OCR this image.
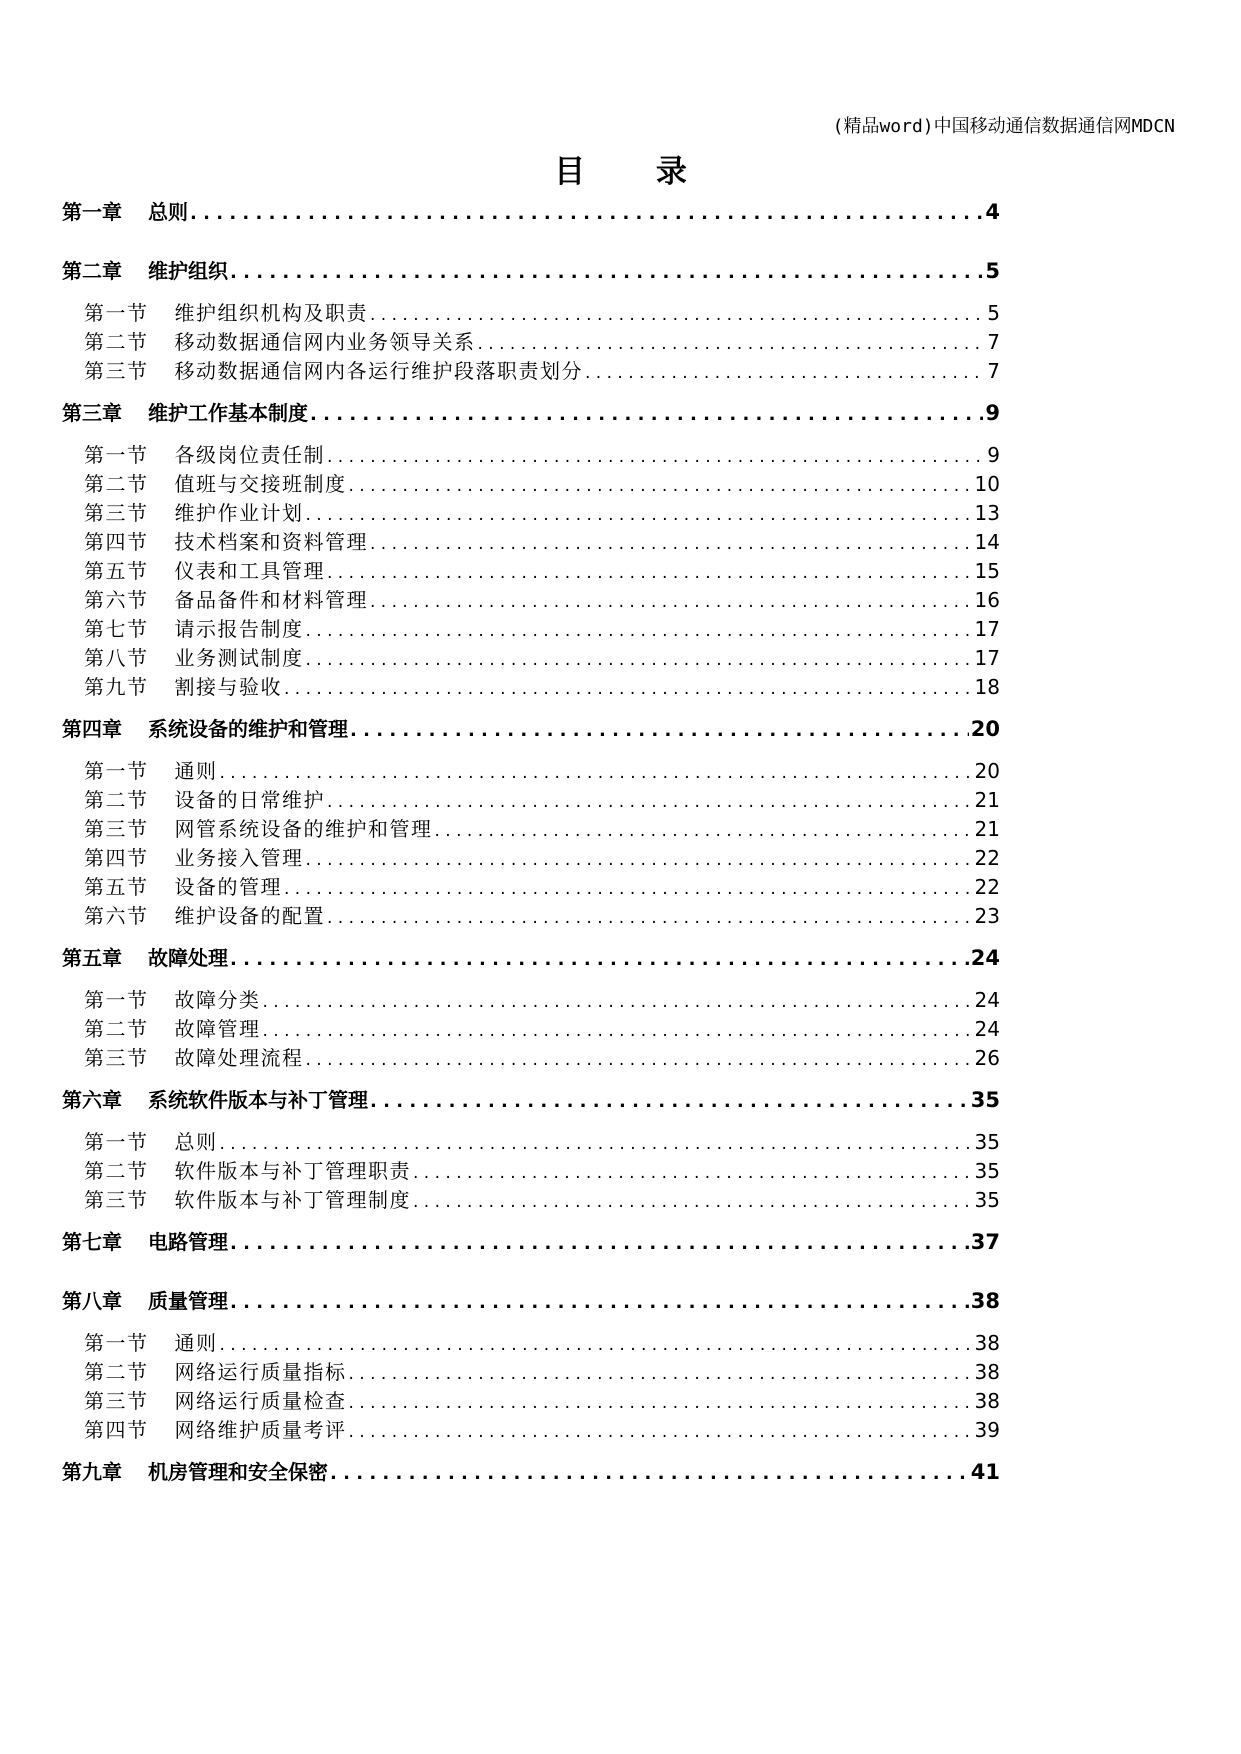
(精品word)中国移动通信数据通信网MDCN
目 录
第一章 总则 . . .	4
第二章 维护组织 . . .	5
第一节 维护组织机构及职责 . . .	5
第二节 移动数据通信网内业务领导关系 . . .	7
第三节 移动数据通信网内各运行维护段落职责划分 . . .	7
第三章 维护工作基本制度 . . .	9
第一节 各级岗位责任制 . . .	9
第二节 值班与交接班制度 . . .	10
第三节 维护作业计划 . . .	13
第四节 技术档案和资料管理 . . .	14
第五节 仪表和工具管理 . . .	15
第六节 备品备件和材料管理 . . .	16
第七节 请示报告制度 . . .	17
第八节 业务测试制度 . . .	17
第九节 割接与验收 . . .	18
第四章 系统设备的维护和管理 . . .	20
第一节 通则 . . .	20
第二节 设备的日常维护 . . .	21
第三节 网管系统设备的维护和管理 . . .	21
第四节 业务接入管理 . . .	22
第五节 设备的管理 . . .	22
第六节 维护设备的配置 . . .	23
第五章 故障处理 . . .	24
第一节 故障分类 . . .	24
第二节 故障管理 . . .	24
第三节 故障处理流程 . . .	26
第六章 系统软件版本与补丁管理 . . .	35
第一节 总则 . . .	35
第二节 软件版本与补丁管理职责 . . .	35
第三节 软件版本与补丁管理制度 . . .	35
第七章 电路管理 . . .	37
第八章 质量管理 . . .	38
第一节 通则 . . .	38
第二节 网络运行质量指标 . . .	38
第三节 网络运行质量检查 . . .	38
第四节 网络维护质量考评 . . .	39
第九章 机房管理和安全保密 . . .	41
